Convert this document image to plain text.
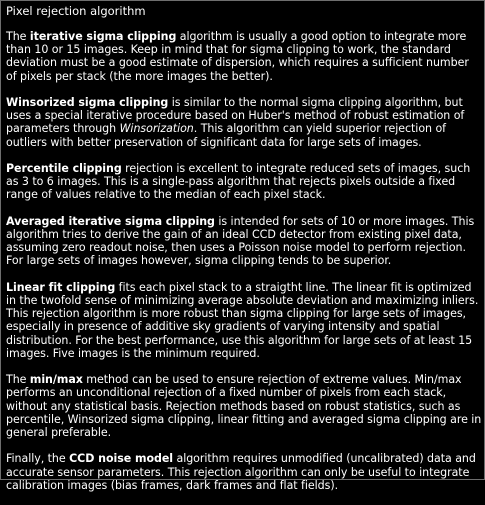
Pixel rejection algorithm

The iterative sigma clipping algorithm is usually a good option to integrate more than 10 or 15 images. Keep in mind that for sigma clipping to work, the standard deviation must be a good estimate of dispersion, which requires a sufficient number of pixels per stack (the more images the better).

Winsorized sigma clipping is similar to the normal sigma clipping algorithm, but uses a special iterative procedure based on Huber's method of robust estimation of parameters through Winsorization. This algorithm can yield superior rejection of outliers with better preservation of significant data for large sets of images.

Percentile clipping rejection is excellent to integrate reduced sets of images, such as 3 to 6 images. This is a single-pass algorithm that rejects pixels outside a fixed range of values relative to the median of each pixel stack.

Averaged iterative sigma clipping is intended for sets of 10 or more images. This algorithm tries to derive the gain of an ideal CCD detector from existing pixel data, assuming zero readout noise, then uses a Poisson noise model to perform rejection. For large sets of images however, sigma clipping tends to be superior.

Linear fit clipping fits each pixel stack to a straigtht line. The linear fit is optimized in the twofold sense of minimizing average absolute deviation and maximizing inliers. This rejection algorithm is more robust than sigma clipping for large sets of images, especially in presence of additive sky gradients of varying intensity and spatial distribution. For the best performance, use this algorithm for large sets of at least 15 images. Five images is the minimum required.

The min/max method can be used to ensure rejection of extreme values. Min/max performs an unconditional rejection of a fixed number of pixels from each stack, without any statistical basis. Rejection methods based on robust statistics, such as percentile, Winsorized sigma clipping, linear fitting and averaged sigma clipping are in general preferable.

Finally, the CCD noise model algorithm requires unmodified (uncalibrated) data and accurate sensor parameters. This rejection algorithm can only be useful to integrate calibration images (bias frames, dark frames and flat fields).
